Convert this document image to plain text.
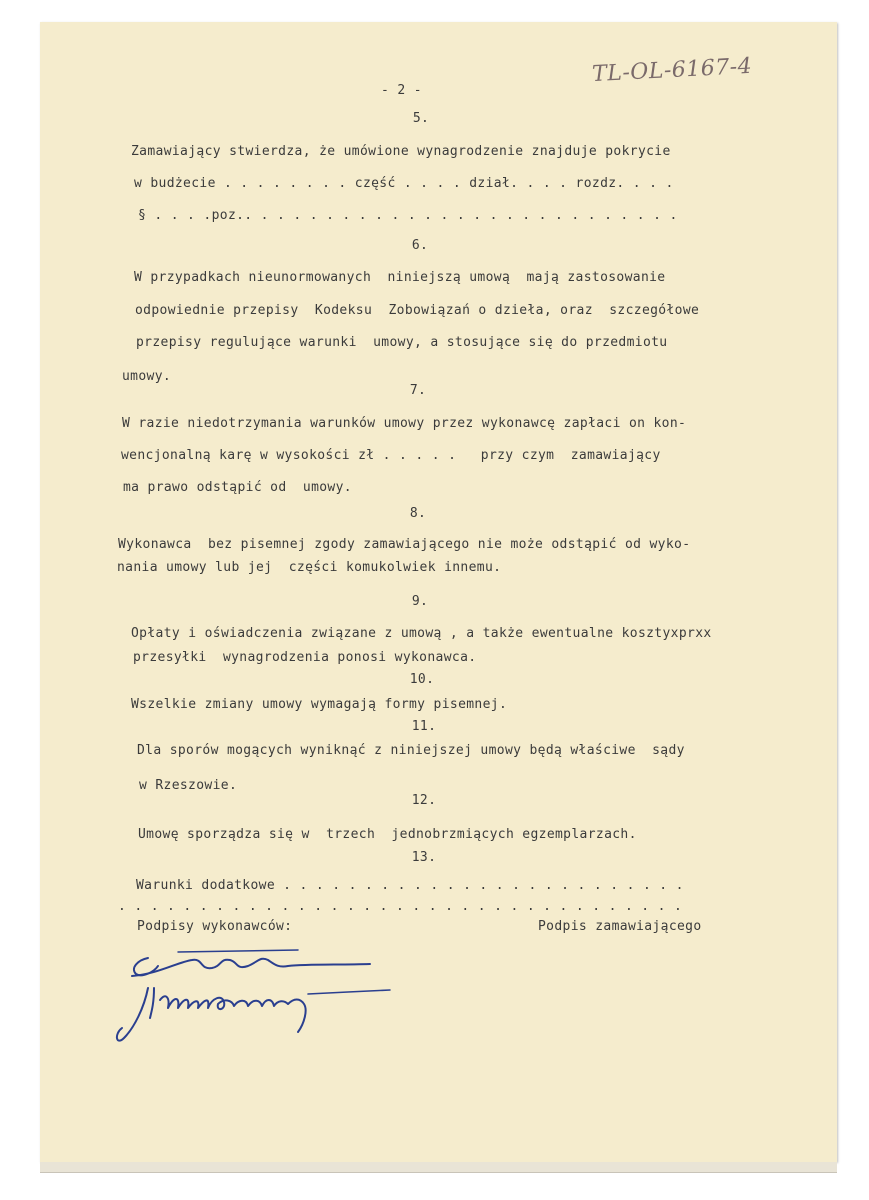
- 2 -
TL-OL-6167-4
5.
Zamawiający stwierdza, że umówione wynagrodzenie znajduje pokrycie
w budżecie . . . . . . . . część . . . . dział. . . . rozdz. . . .
§ . . . .poz.. . . . . . . . . . . . . . . . . . . . . . . . . . .
6.
W przypadkach nieunormowanych  niniejszą umową  mają zastosowanie
odpowiednie przepisy  Kodeksu  Zobowiązań o dzieła, oraz  szczegółowe
przepisy regulujące warunki  umowy, a stosujące się do przedmiotu
umowy.
7.
W razie niedotrzymania warunków umowy przez wykonawcę zapłaci on kon-
wencjonalną karę w wysokości zł . . . . .   przy czym  zamawiający
ma prawo odstąpić od  umowy.
8.
Wykonawca  bez pisemnej zgody zamawiającego nie może odstąpić od wyko-
nania umowy lub jej  części komukolwiek innemu.
9.
Opłaty i oświadczenia związane z umową , a także ewentualne kosztyxprxx
przesyłki  wynagrodzenia ponosi wykonawca.
10.
Wszelkie zmiany umowy wymagają formy pisemnej.
11.
Dla sporów mogących wyniknąć z niniejszej umowy będą właściwe  sądy
w Rzeszowie.
12.
Umowę sporządza się w  trzech  jednobrzmiących egzemplarzach.
13.
Warunki dodatkowe . . . . . . . . . . . . . . . . . . . . . . . . .
. . . . . . . . . . . . . . . . . . . . . . . . . . . . . . . . . . .
Podpisy wykonawców:	Podpis zamawiającego
